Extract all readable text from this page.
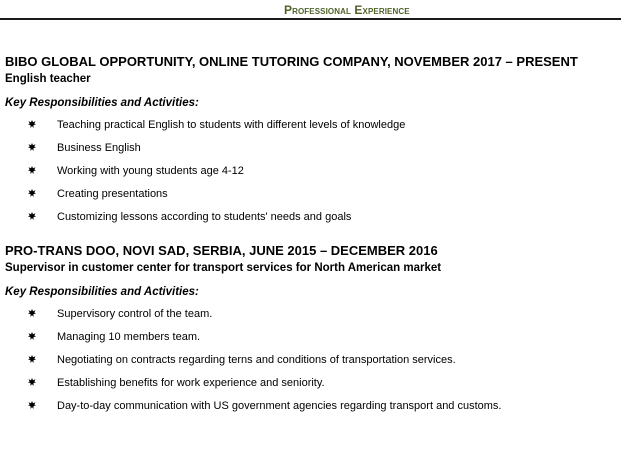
Professional Experience
BIBO GLOBAL OPPORTUNITY, ONLINE TUTORING COMPANY, NOVEMBER 2017 – PRESENT
English teacher
Key Responsibilities and Activities:
Teaching practical English to students with different levels of knowledge
Business English
Working with young students age 4-12
Creating presentations
Customizing lessons according to students' needs and goals
PRO-TRANS DOO, NOVI SAD, SERBIA, JUNE 2015 – DECEMBER 2016
Supervisor in customer center for transport services for North American market
Key Responsibilities and Activities:
Supervisory control of the team.
Managing 10 members team.
Negotiating on contracts regarding terns and conditions of transportation services.
Establishing benefits for work experience and seniority.
Day-to-day communication with US government agencies regarding transport and customs.
